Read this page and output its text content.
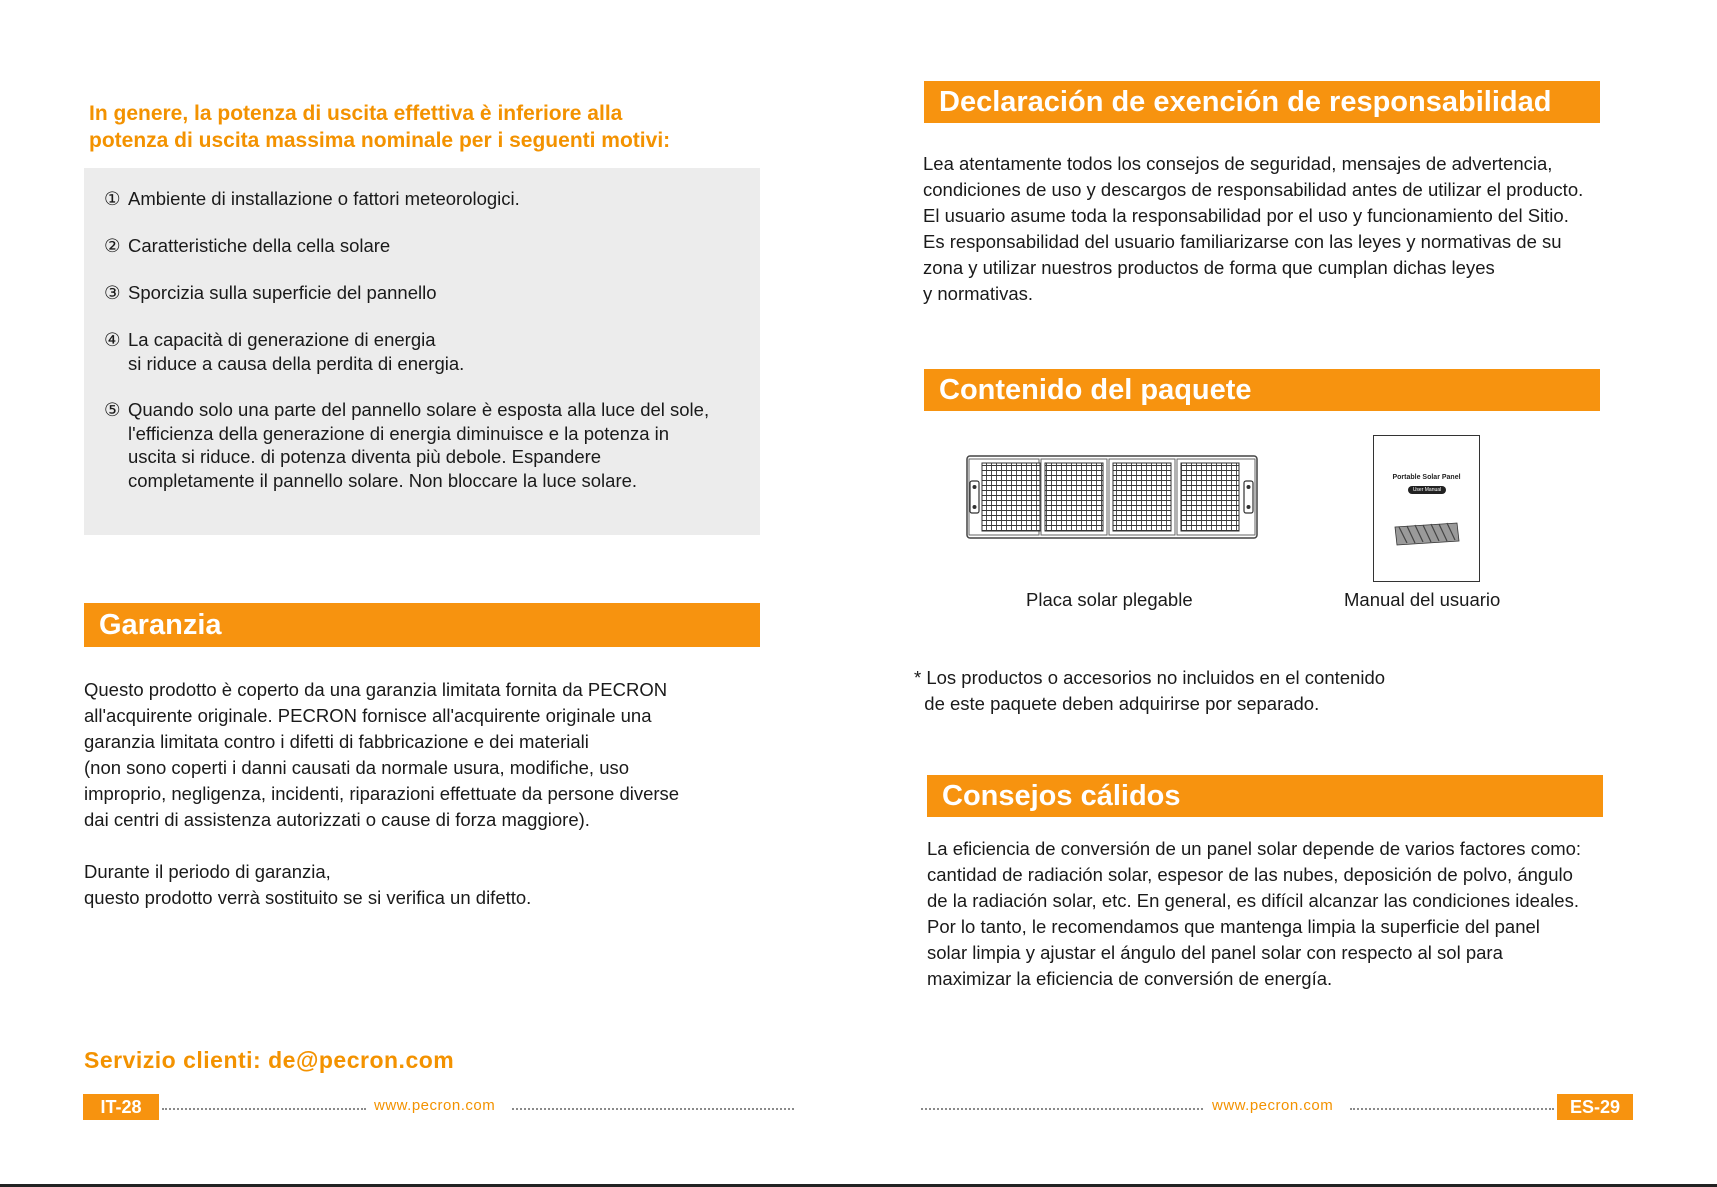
In genere, la potenza di uscita effettiva è inferiore alla
potenza di uscita massima nominale per i seguenti motivi:
① Ambiente di installazione o fattori meteorologici.
② Caratteristiche della cella solare
③ Sporcizia sulla superficie del pannello
④ La capacità di generazione di energia
si riduce a causa della perdita di energia.
⑤ Quando solo una parte del pannello solare è esposta alla luce del sole,
l'efficienza della generazione di energia diminuisce e la potenza in
uscita si riduce. di potenza diventa più debole. Espandere
completamente il pannello solare. Non bloccare la luce solare.
Garanzia
Questo prodotto è coperto da una garanzia limitata fornita da PECRON
all'acquirente originale. PECRON fornisce all'acquirente originale una
garanzia limitata contro i difetti di fabbricazione e dei materiali
(non sono coperti i danni causati da normale usura, modifiche, uso
improprio, negligenza, incidenti, riparazioni effettuate da persone diverse
dai centri di assistenza autorizzati o cause di forza maggiore).
Durante il periodo di garanzia,
questo prodotto verrà sostituito se si verifica un difetto.
Servizio clienti: de@pecron.com
IT-28	www.pecron.com
Declaración de exención de responsabilidad
Lea atentamente todos los consejos de seguridad, mensajes de advertencia,
condiciones de uso y descargos de responsabilidad antes de utilizar el producto.
El usuario asume toda la responsabilidad por el uso y funcionamiento del Sitio.
Es responsabilidad del usuario familiarizarse con las leyes y normativas de su
zona y utilizar nuestros productos de forma que cumplan dichas leyes
y normativas.
Contenido del paquete
Portable Solar Panel
User Manual
Placa solar plegable	Manual del usuario
* Los productos o accesorios no incluidos en el contenido
de este paquete deben adquirirse por separado.
Consejos cálidos
La eficiencia de conversión de un panel solar depende de varios factores como:
cantidad de radiación solar, espesor de las nubes, deposición de polvo, ángulo
de la radiación solar, etc. En general, es difícil alcanzar las condiciones ideales.
Por lo tanto, le recomendamos que mantenga limpia la superficie del panel
solar limpia y ajustar el ángulo del panel solar con respecto al sol para
maximizar la eficiencia de conversión de energía.
www.pecron.com	ES-29
